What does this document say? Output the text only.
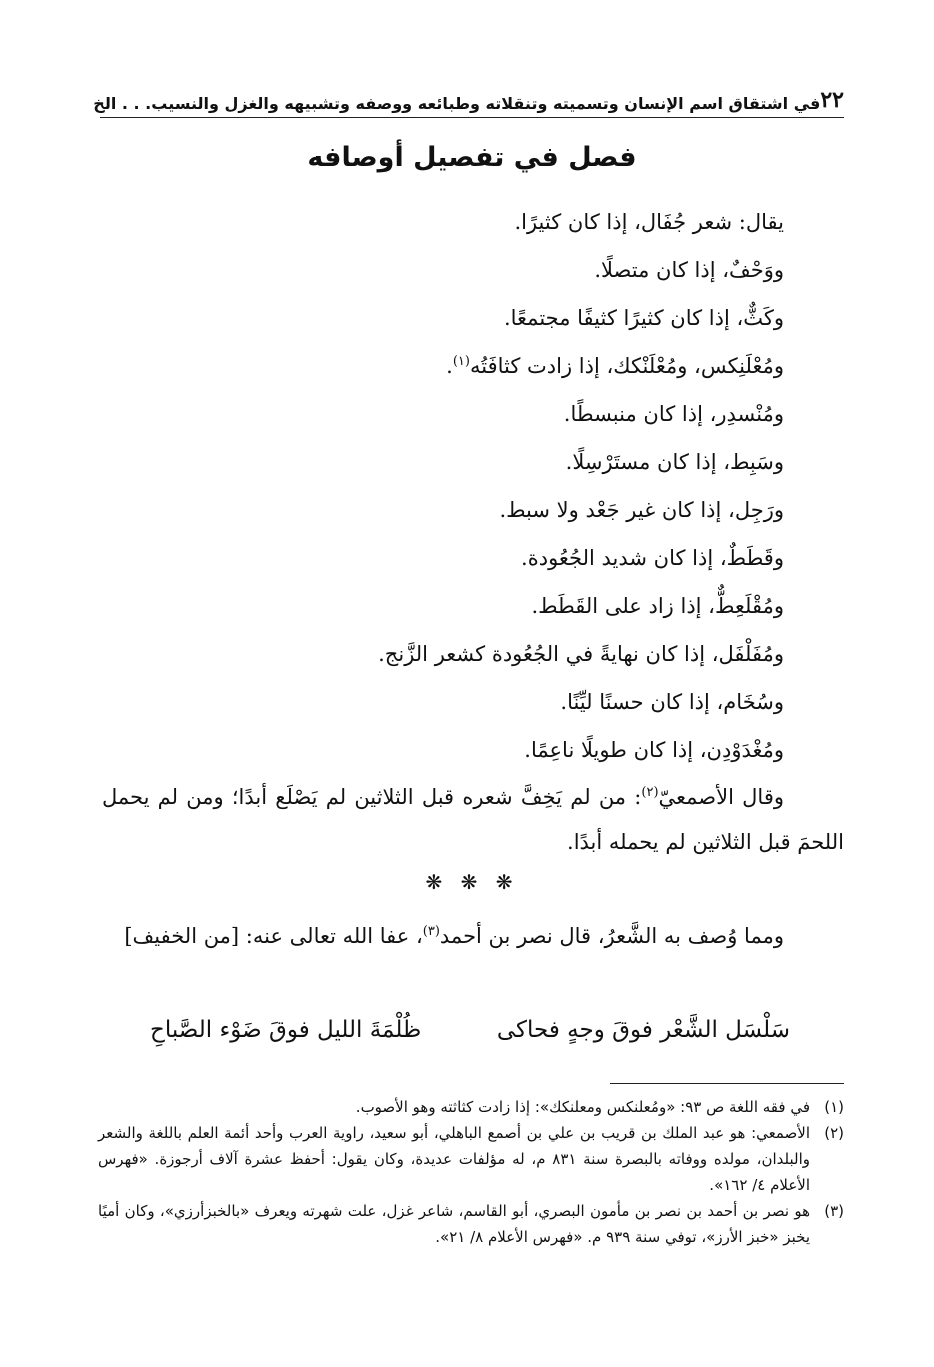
٢٢
في اشتقاق اسم الإنسان وتسميته وتنقلاته وطبائعه ووصفه وتشبيهه والغزل والنسيب. . . الخ
فصل في تفصيل أوصافه

يقال: شعر جُفَال، إذا كان كثيرًا.

ووَحْفٌ، إذا كان متصلًا.

وكَثٌّ، إذا كان كثيرًا كثيفًا مجتمعًا.

ومُعْلَنِكس، ومُعْلَنْكك، إذا زادت كثافَتُه$^{(١)}$.

ومُنْسدِر، إذا كان منبسطًا.

وسَبِط، إذا كان مستَرْسِلًا.

ورَجِل، إذا كان غير جَعْد ولا سبط.

وقَطَطٌ، إذا كان شديد الجُعُودة.

ومُقْلَعِطٌّ، إذا زاد على القَطَط.

ومُفَلْفَل، إذا كان نهايةً في الجُعُودة كشعر الزَّنج.

وسُخَام، إذا كان حسنًا ليِّنًا.

ومُغْدَوْدِن، إذا كان طويلًا ناعِمًا.

وقال الأصمعيّ$^{(٢)}$: من لم يَخِفَّ شعره قبل الثلاثين لم يَصْلَع أبدًا؛ ومن لم يحمل اللحمَ قبل الثلاثين لم يحمله أبدًا.
❋ ❋ ❋
ومما وُصف به الشَّعرُ، قال نصر بن أحمد$^{(٣)}$، عفا الله تعالى عنه: [من الخفيف]
سَلْسَل الشَّعْر فوقَ وجهٍ فحاكى
ظُلْمَةَ الليل فوقَ ضَوْء الصَّباحِ
(١)
في فقه اللغة ص ٩٣: «ومُعلنكس ومعلنكك»: إذا زادت كثاثته وهو الأصوب.
(٢)
الأصمعي: هو عبد الملك بن قريب بن علي بن أصمع الباهلي، أبو سعيد، راوية العرب وأحد أئمة العلم باللغة والشعر والبلدان، مولده ووفاته بالبصرة سنة ٨٣١ م، له مؤلفات عديدة، وكان يقول: أحفظ عشرة آلاف أرجوزة. «فهرس الأعلام ٤/ ١٦٢».
(٣)
هو نصر بن أحمد بن نصر بن مأمون البصري، أبو القاسم، شاعر غزل، علت شهرته ويعرف «بالخبزأرزي»، وكان أميًا يخبز «خبز الأرز»، توفي سنة ٩٣٩ م. «فهرس الأعلام ٨/ ٢١».
